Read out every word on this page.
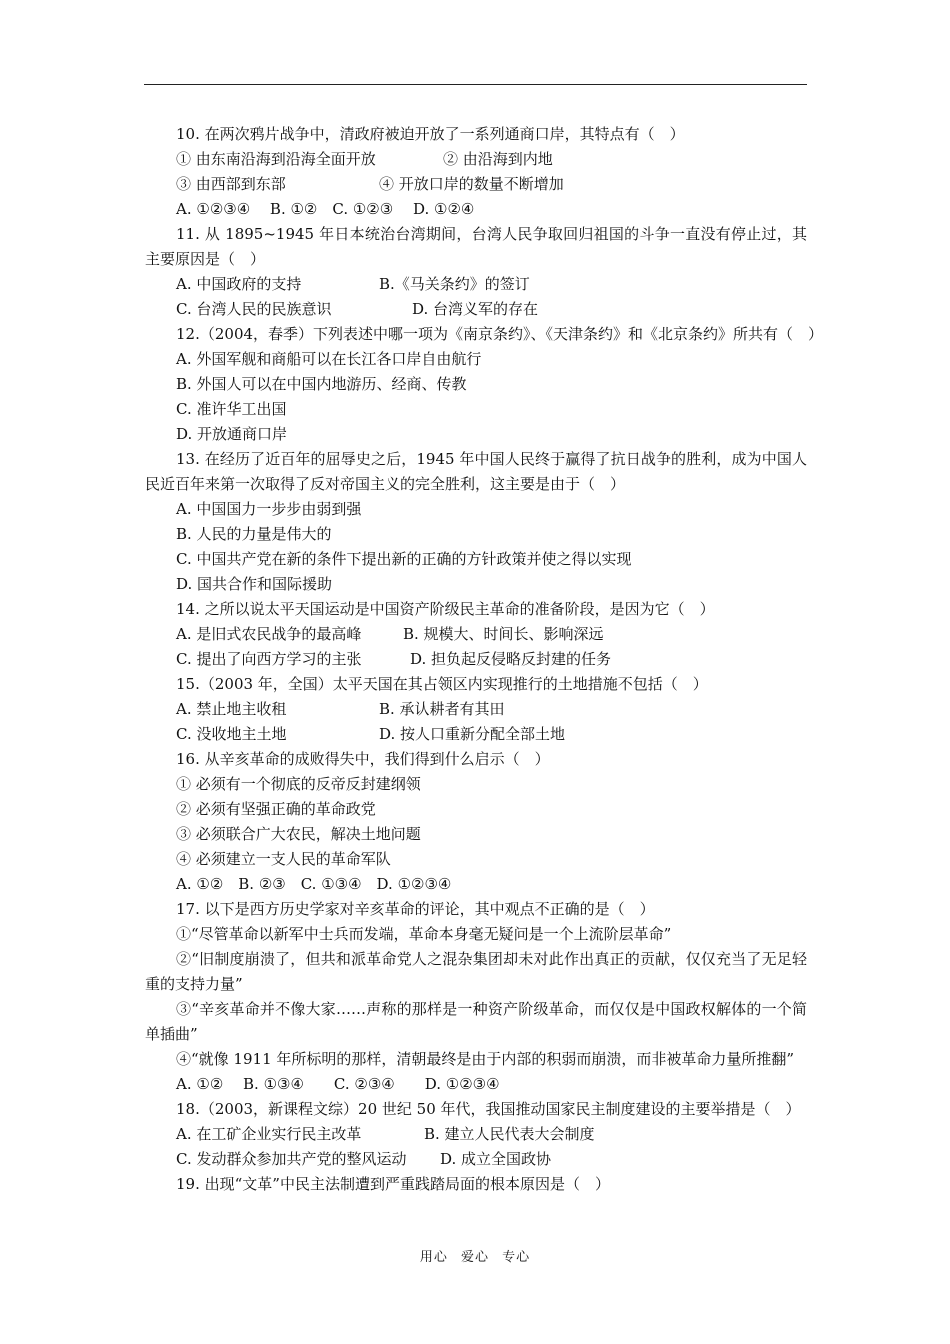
10. 在两次鸦片战争中，清政府被迫开放了一系列通商口岸，其特点有（　）
① 由东南沿海到沿海全面开放	② 由沿海到内地
③ 由西部到东部	④ 开放口岸的数量不断增加
A. ①②③④　 B. ①②　C. ①②③　 D. ①②④
11. 从 1895~1945 年日本统治台湾期间，台湾人民争取回归祖国的斗争一直没有停止过，其主要原因是（　）
A. 中国政府的支持	B.《马关条约》的签订
C. 台湾人民的民族意识	D. 台湾义军的存在
12.（2004，春季）下列表述中哪一项为《南京条约》、《天津条约》和《北京条约》所共有（　）
A. 外国军舰和商船可以在长江各口岸自由航行
B. 外国人可以在中国内地游历、经商、传教
C. 准许华工出国
D. 开放通商口岸
13. 在经历了近百年的屈辱史之后，1945 年中国人民终于赢得了抗日战争的胜利，成为中国人民近百年来第一次取得了反对帝国主义的完全胜利，这主要是由于（　）
A. 中国国力一步步由弱到强
B. 人民的力量是伟大的
C. 中国共产党在新的条件下提出新的正确的方针政策并使之得以实现
D. 国共合作和国际援助
14. 之所以说太平天国运动是中国资产阶级民主革命的准备阶段，是因为它（　）
A. 是旧式农民战争的最高峰	B. 规模大、时间长、影响深远
C. 提出了向西方学习的主张	D. 担负起反侵略反封建的任务
15.（2003 年，全国）太平天国在其占领区内实现推行的土地措施不包括（　）
A. 禁止地主收租	B. 承认耕者有其田
C. 没收地主土地	D. 按人口重新分配全部土地
16. 从辛亥革命的成败得失中，我们得到什么启示（　）
① 必须有一个彻底的反帝反封建纲领
② 必须有坚强正确的革命政党
③ 必须联合广大农民，解决土地问题
④ 必须建立一支人民的革命军队
A. ①②　B. ②③　C. ①③④　D. ①②③④
17. 以下是西方历史学家对辛亥革命的评论，其中观点不正确的是（　）
①“尽管革命以新军中士兵而发端，革命本身毫无疑问是一个上流阶层革命”
②“旧制度崩溃了，但共和派革命党人之混杂集团却未对此作出真正的贡献，仅仅充当了无足轻重的支持力量”
③“辛亥革命并不像大家……声称的那样是一种资产阶级革命，而仅仅是中国政权解体的一个简单插曲”
④“就像 1911 年所标明的那样，清朝最终是由于内部的积弱而崩溃，而非被革命力量所推翻”
A. ①②　 B. ①③④　　C. ②③④　　D. ①②③④
18.（2003，新课程文综）20 世纪 50 年代，我国推动国家民主制度建设的主要举措是（　）
A. 在工矿企业实行民主改革	B. 建立人民代表大会制度
C. 发动群众参加共产党的整风运动	D. 成立全国政协
19. 出现“文革”中民主法制遭到严重践踏局面的根本原因是（　）
用心 爱心 专心
